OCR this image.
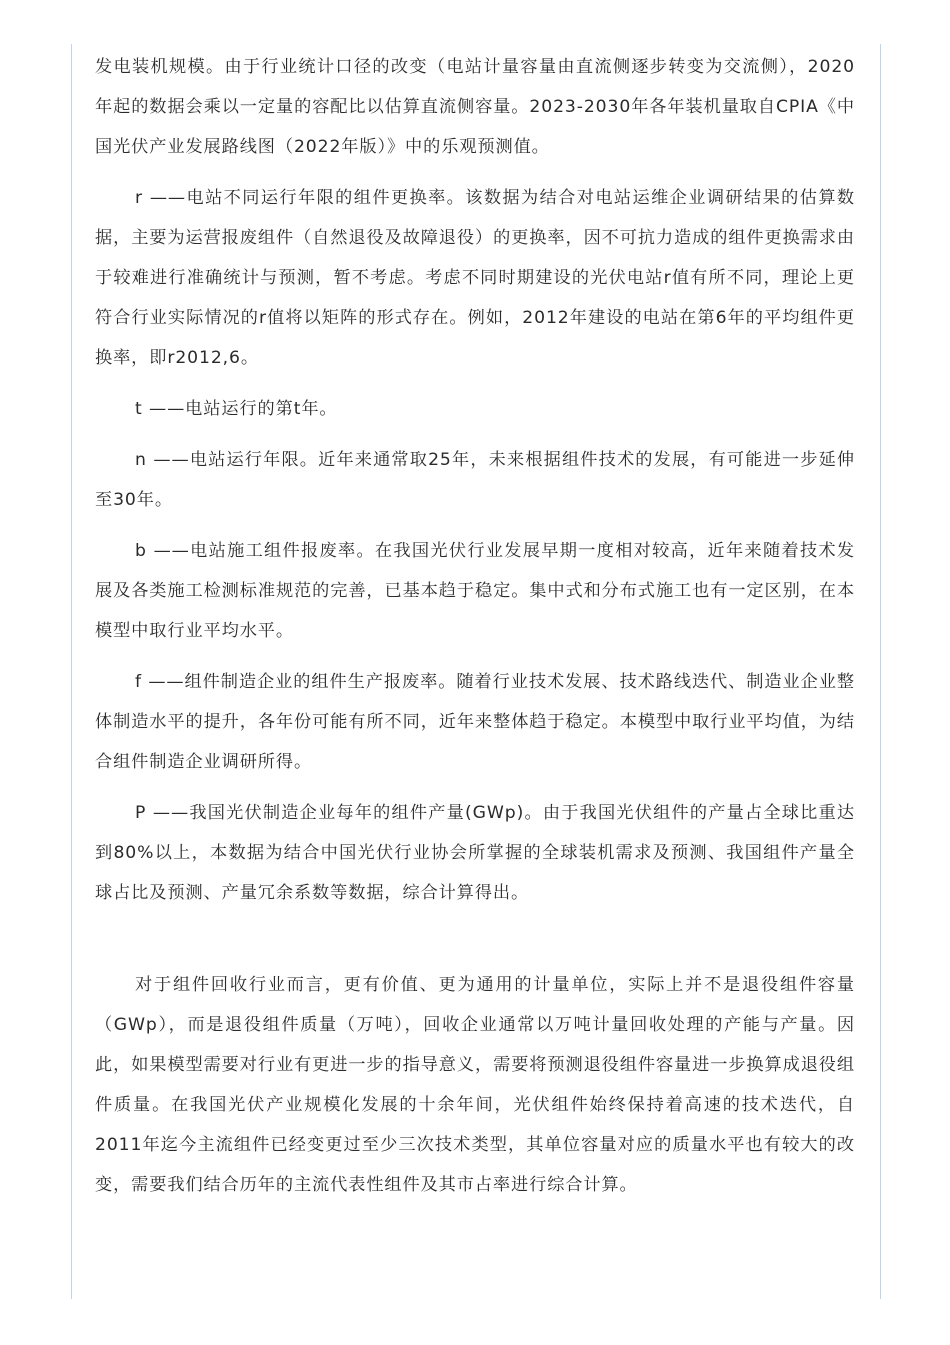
发电装机规模。由于行业统计口径的改变（电站计量容量由直流侧逐步转变为交流侧），2020年起的数据会乘以一定量的容配比以估算直流侧容量。2023-2030年各年装机量取自CPIA《中国光伏产业发展路线图（2022年版）》中的乐观预测值。

r ——电站不同运行年限的组件更换率。该数据为结合对电站运维企业调研结果的估算数据，主要为运营报废组件（自然退役及故障退役）的更换率，因不可抗力造成的组件更换需求由于较难进行准确统计与预测，暂不考虑。考虑不同时期建设的光伏电站r值有所不同，理论上更符合行业实际情况的r值将以矩阵的形式存在。例如，2012年建设的电站在第6年的平均组件更换率，即r2012,6。

t ——电站运行的第t年。

n ——电站运行年限。近年来通常取25年，未来根据组件技术的发展，有可能进一步延伸至30年。

b ——电站施工组件报废率。在我国光伏行业发展早期一度相对较高，近年来随着技术发展及各类施工检测标准规范的完善，已基本趋于稳定。集中式和分布式施工也有一定区别，在本模型中取行业平均水平。

f ——组件制造企业的组件生产报废率。随着行业技术发展、技术路线迭代、制造业企业整体制造水平的提升，各年份可能有所不同，近年来整体趋于稳定。本模型中取行业平均值，为结合组件制造企业调研所得。

P ——我国光伏制造企业每年的组件产量(GWp)。由于我国光伏组件的产量占全球比重达到80%以上，本数据为结合中国光伏行业协会所掌握的全球装机需求及预测、我国组件产量全球占比及预测、产量冗余系数等数据，综合计算得出。

对于组件回收行业而言，更有价值、更为通用的计量单位，实际上并不是退役组件容量（GWp），而是退役组件质量（万吨），回收企业通常以万吨计量回收处理的产能与产量。因此，如果模型需要对行业有更进一步的指导意义，需要将预测退役组件容量进一步换算成退役组件质量。在我国光伏产业规模化发展的十余年间，光伏组件始终保持着高速的技术迭代，自2011年迄今主流组件已经变更过至少三次技术类型，其单位容量对应的质量水平也有较大的改变，需要我们结合历年的主流代表性组件及其市占率进行综合计算。
